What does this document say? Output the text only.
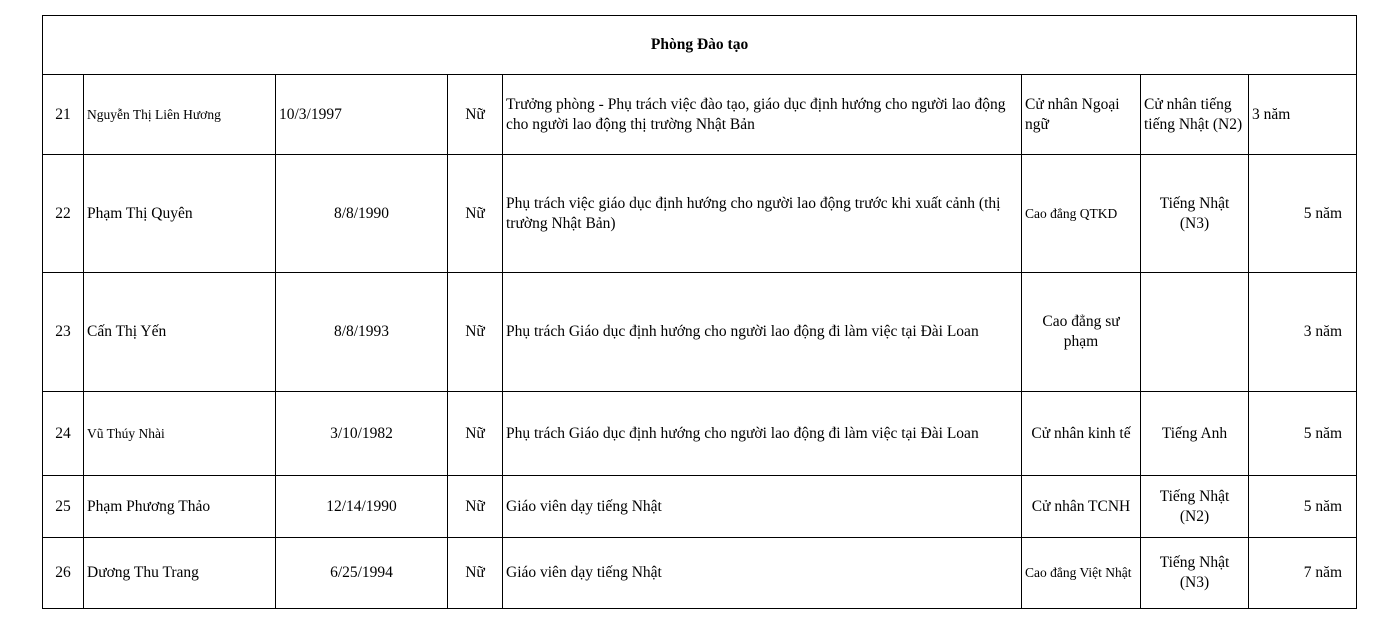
Phòng Đào tạo							
21	Nguyễn Thị Liên Hương	10/3/1997	Nữ	Trưởng phòng - Phụ trách việc đào tạo, giáo dục định hướng cho người lao động cho người lao động thị trường Nhật Bản	Cử nhân Ngoại ngữ	Cử nhân tiếng tiếng Nhật (N2)	3 năm
22	Phạm Thị Quyên	8/8/1990	Nữ	Phụ trách việc giáo dục định hướng cho người lao động trước khi xuất cảnh (thị trường Nhật Bản)	Cao đẳng QTKD	Tiếng Nhật (N3)	5 năm
23	Cấn Thị Yến	8/8/1993	Nữ	Phụ trách Giáo dục định hướng cho người lao động đi làm việc tại Đài Loan	Cao đẳng sư phạm		3 năm
24	Vũ Thúy Nhài	3/10/1982	Nữ	Phụ trách Giáo dục định hướng cho người lao động đi làm việc tại Đài Loan	Cử nhân kinh tế	Tiếng Anh	5 năm
25	Phạm Phương Thảo	12/14/1990	Nữ	Giáo viên dạy tiếng Nhật	Cử nhân TCNH	Tiếng Nhật (N2)	5 năm
26	Dương Thu Trang	6/25/1994	Nữ	Giáo viên dạy tiếng Nhật	Cao đẳng Việt Nhật	Tiếng Nhật (N3)	7 năm
